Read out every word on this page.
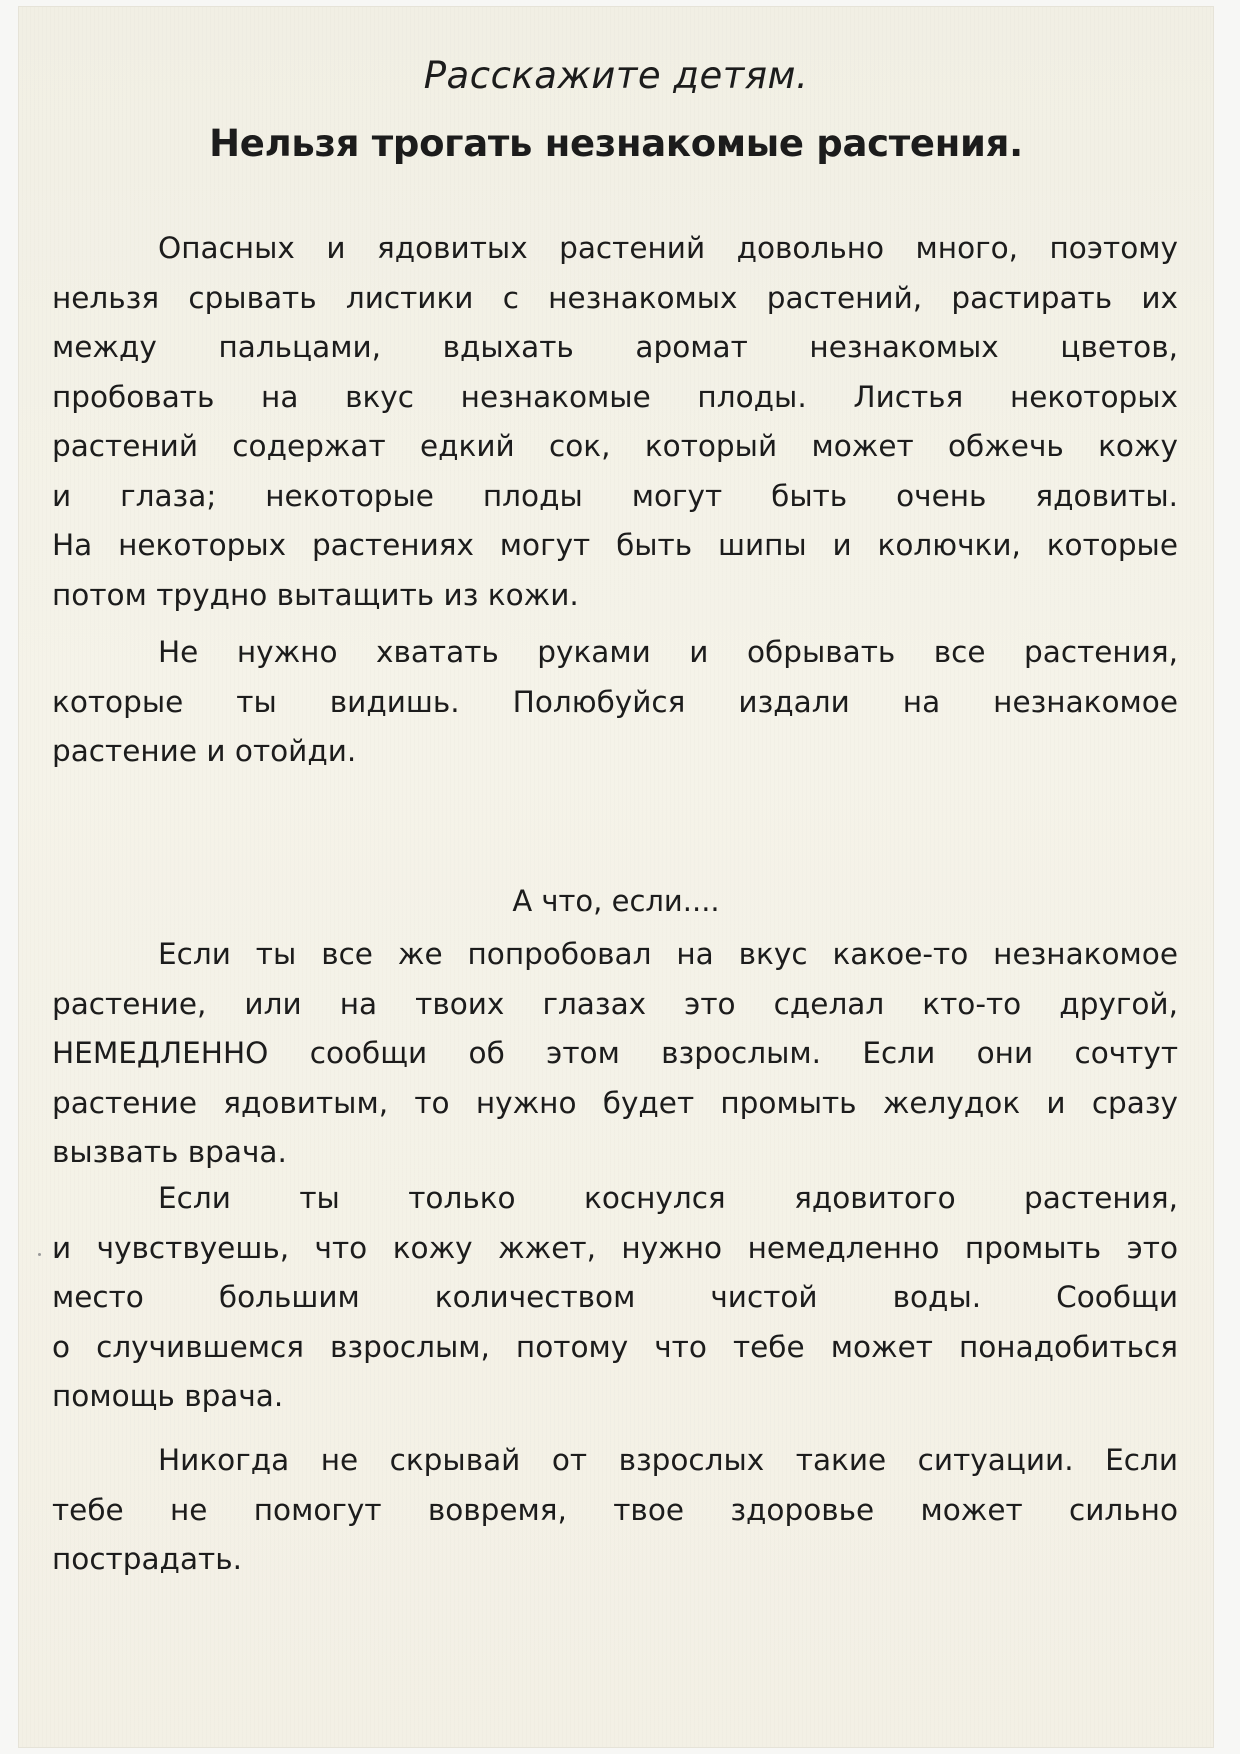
Расскажите детям.
Нельзя трогать незнакомые растения.
Опасных и ядовитых растений довольно много, поэтому
нельзя срывать листики с незнакомых растений, растирать их
между пальцами, вдыхать аромат незнакомых цветов,
пробовать на вкус незнакомые плоды. Листья некоторых
растений содержат едкий сок, который может обжечь кожу
и глаза; некоторые плоды могут быть очень ядовиты.
На некоторых растениях могут быть шипы и колючки, которые
потом трудно вытащить из кожи.
Не нужно хватать руками и обрывать все растения,
которые ты видишь. Полюбуйся издали на незнакомое
растение и отойди.
А что, если....
Если ты все же попробовал на вкус какое-то незнакомое
растение, или на твоих глазах это сделал кто-то другой,
НЕМЕДЛЕННО сообщи об этом взрослым. Если они сочтут
растение ядовитым, то нужно будет промыть желудок и сразу
вызвать врача.
Если ты только коснулся ядовитого растения,
и чувствуешь, что кожу жжет, нужно немедленно промыть это
место большим количеством чистой воды. Сообщи
о случившемся взрослым, потому что тебе может понадобиться
помощь врача.
Никогда не скрывай от взрослых такие ситуации. Если
тебе не помогут вовремя, твое здоровье может сильно
пострадать.
